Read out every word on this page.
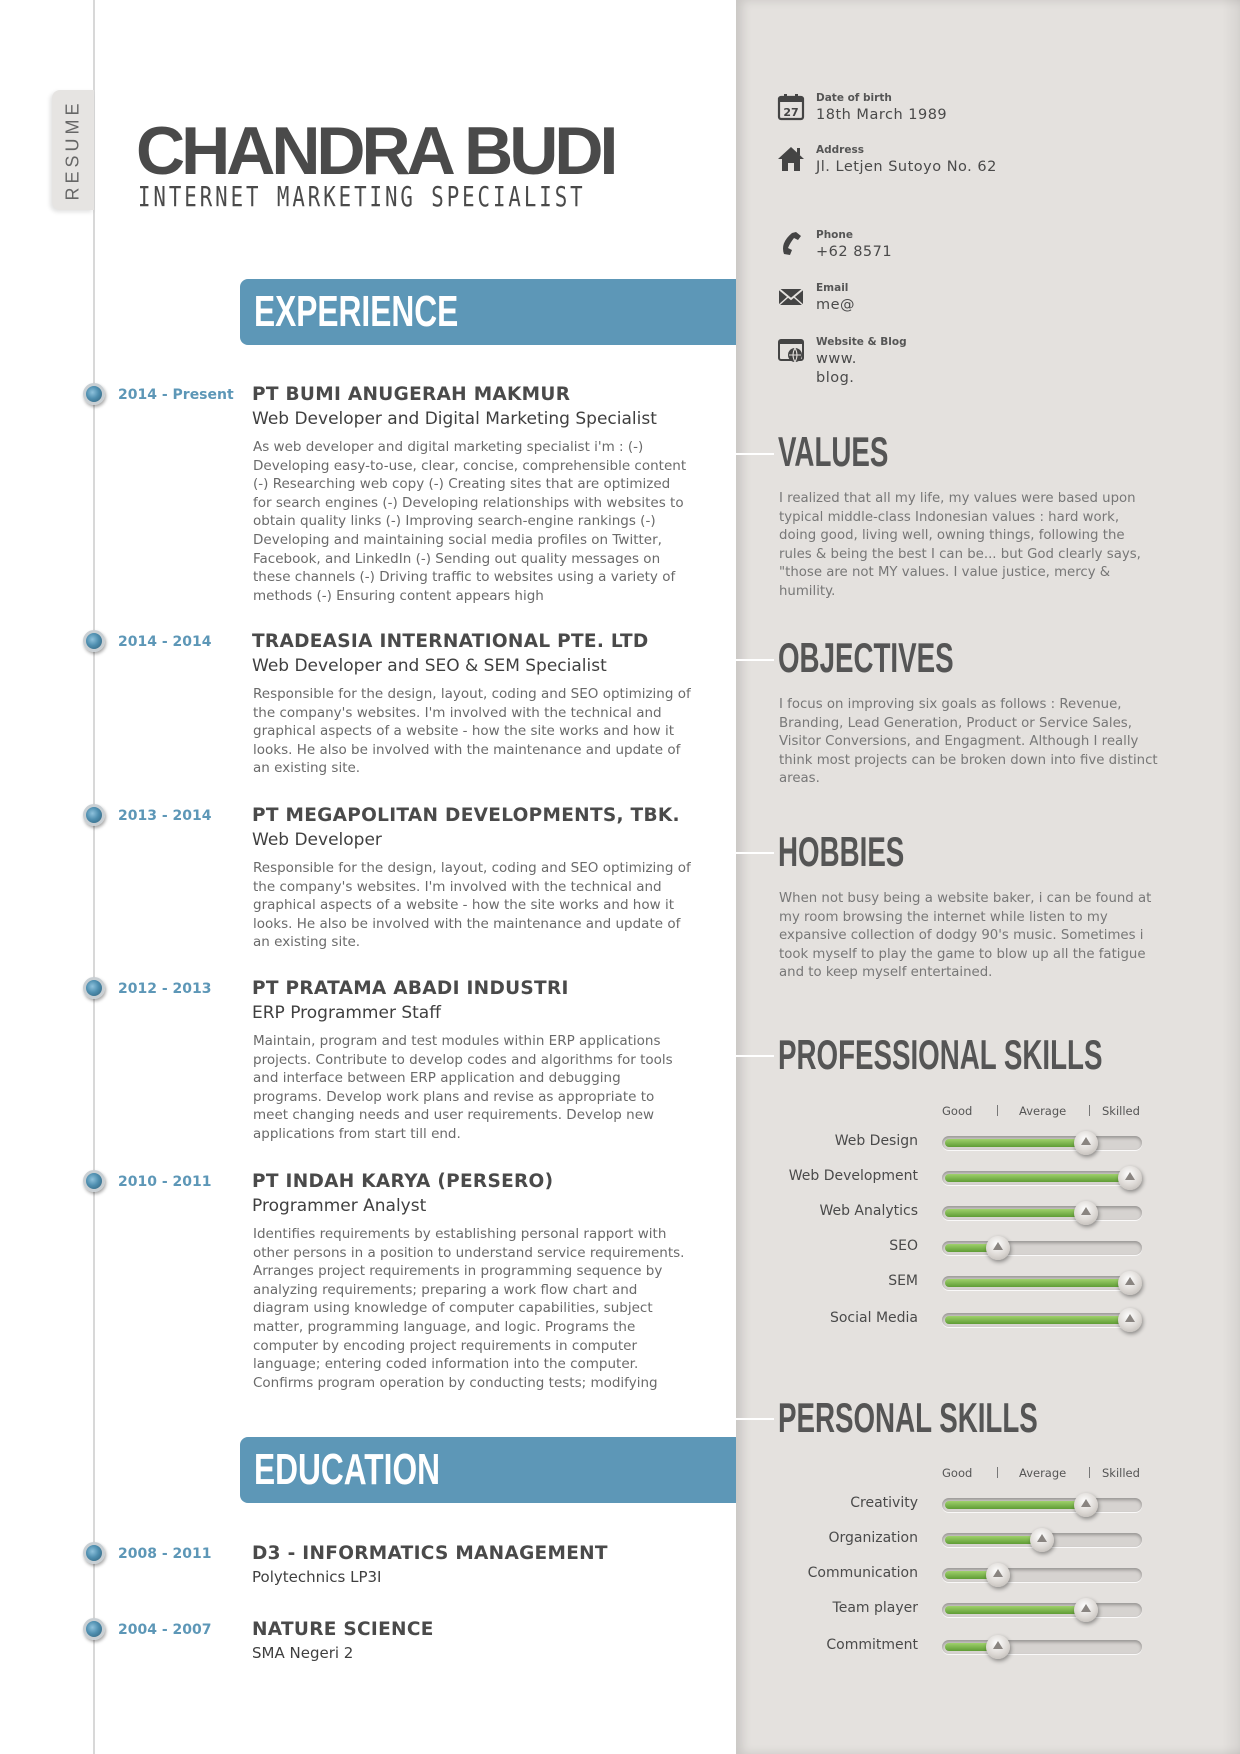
RESUME CHANDRA BUDI
INTERNET MARKETING SPECIALIST
EXPERIENCE
2014 - Present PT BUMI ANUGERAH MAKMUR
Web Developer and Digital Marketing Specialist
As web developer and digital marketing specialist i'm : (-) Developing easy-to-use, clear, concise, comprehensible content (-) Researching web copy (-) Creating sites that are optimized for search engines (-) Developing relationships with websites to obtain quality links (-) Improving search-engine rankings (-) Developing and maintaining social media profiles on Twitter, Facebook, and LinkedIn (-) Sending out quality messages on these channels (-) Driving traffic to websites using a variety of methods (-) Ensuring content appears high
2014 - 2014 TRADEASIA INTERNATIONAL PTE. LTD
Web Developer and SEO & SEM Specialist
Responsible for the design, layout, coding and SEO optimizing of the company's websites. I'm involved with the technical and graphical aspects of a website - how the site works and how it looks. He also be involved with the maintenance and update of an existing site.
2013 - 2014 PT MEGAPOLITAN DEVELOPMENTS, TBK.
Web Developer
Responsible for the design, layout, coding and SEO optimizing of the company's websites. I'm involved with the technical and graphical aspects of a website - how the site works and how it looks. He also be involved with the maintenance and update of an existing site.
2012 - 2013 PT PRATAMA ABADI INDUSTRI
ERP Programmer Staff
Maintain, program and test modules within ERP applications projects. Contribute to develop codes and algorithms for tools and interface between ERP application and debugging programs. Develop work plans and revise as appropriate to meet changing needs and user requirements. Develop new applications from start till end.
2010 - 2011 PT INDAH KARYA (PERSERO)
Programmer Analyst
Identifies requirements by establishing personal rapport with other persons in a position to understand service requirements. Arranges project requirements in programming sequence by analyzing requirements; preparing a work flow chart and diagram using knowledge of computer capabilities, subject matter, programming language, and logic. Programs the computer by encoding project requirements in computer language; entering coded information into the computer. Confirms program operation by conducting tests; modifying
EDUCATION
2008 - 2011 D3 - INFORMATICS MANAGEMENT
Polytechnics LP3I
2004 - 2007 NATURE SCIENCE
SMA Negeri 2
27
Date of birth
18th March 1989
Address
Jl. Letjen Sutoyo No. 62
Phone
+62 8571
Email
me@
Website & Blog
www.
blog.
VALUES
I realized that all my life, my values were based upon typical middle-class Indonesian values : hard work, doing good, living well, owning things, following the rules & being the best I can be... but God clearly says, "those are not MY values. I value justice, mercy & humility.
OBJECTIVES
I focus on improving six goals as follows : Revenue, Branding, Lead Generation, Product or Service Sales, Visitor Conversions, and Engagment. Although I really think most projects can be broken down into five distinct areas.
HOBBIES
When not busy being a website baker, i can be found at my room browsing the internet while listen to my expansive collection of dodgy 90's music. Sometimes i took myself to play the game to blow up all the fatigue and to keep myself entertained.
PROFESSIONAL SKILLS
Good	Average	Skilled
Web Design
Web Development
Web Analytics
SEO
SEM
Social Media
PERSONAL SKILLS
Good	Average	Skilled
Creativity
Organization
Communication
Team player
Commitment
